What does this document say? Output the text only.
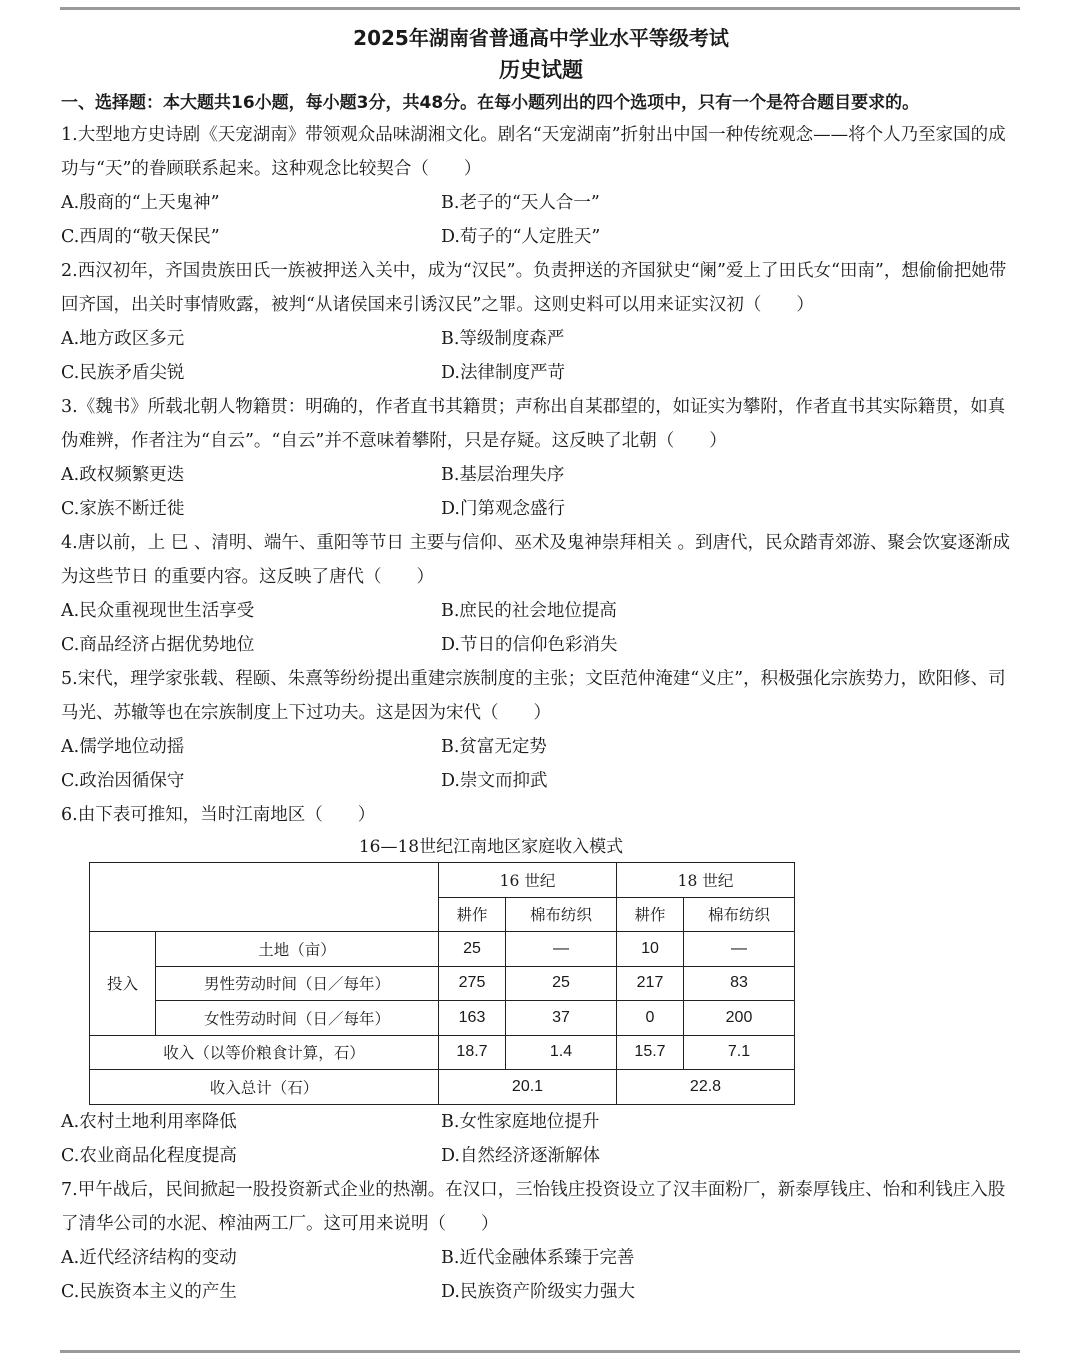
2025年湖南省普通高中学业水平等级考试
历史试题
一、选择题：本大题共16小题，每小题3分，共48分。在每小题列出的四个选项中，只有一个是符合题目要求的。
1.大型地方史诗剧《天宠湖南》带领观众品味湖湘文化。剧名“天宠湖南”折射出中国一种传统观念——将个人乃至家国的成功与“天”的眷顾联系起来。这种观念比较契合（　　）
A.殷商的“上天鬼神”	B.老子的“天人合一”
C.西周的“敬天保民”	D.荀子的“人定胜天”
2.西汉初年，齐国贵族田氏一族被押送入关中，成为“汉民”。负责押送的齐国狱史“阑”爱上了田氏女“田南”，想偷偷把她带回齐国，出关时事情败露，被判“从诸侯国来引诱汉民”之罪。这则史料可以用来证实汉初（　　）
A.地方政区多元	B.等级制度森严
C.民族矛盾尖锐	D.法律制度严苛
3.《魏书》所载北朝人物籍贯：明确的，作者直书其籍贯；声称出自某郡望的，如证实为攀附，作者直书其实际籍贯，如真伪难辨，作者注为“自云”。“自云”并不意味着攀附，只是存疑。这反映了北朝（　　）
A.政权频繁更迭	B.基层治理失序
C.家族不断迁徙	D.门第观念盛行
4.唐以前，上 巳 、清明、端午、重阳等节日 主要与信仰、巫术及鬼神崇拜相关 。到唐代，民众踏青郊游、聚会饮宴逐渐成为这些节日 的重要内容。这反映了唐代（　　）
A.民众重视现世生活享受	B.庶民的社会地位提高
C.商品经济占据优势地位	D.节日的信仰色彩消失
5.宋代，理学家张载、程颐、朱熹等纷纷提出重建宗族制度的主张；文臣范仲淹建“义庄”，积极强化宗族势力，欧阳修、司马光、苏辙等也在宗族制度上下过功夫。这是因为宋代（　　）
A.儒学地位动摇	B.贫富无定势
C.政治因循保守	D.崇文而抑武
6.由下表可推知，当时江南地区（　　）
16—18世纪江南地区家庭收入模式
		16 世纪		18 世纪	
		耕作	棉布纺织	耕作	棉布纺织
投入	土地（亩）	25	—	10	—
	男性劳动时间（日／每年）	275	25	217	83
	女性劳动时间（日／每年）	163	37	0	200
收入（以等价粮食计算，石）		18.7	1.4	15.7	7.1
收入总计（石）		20.1		22.8	
A.农村土地利用率降低	B.女性家庭地位提升
C.农业商品化程度提高	D.自然经济逐渐解体
7.甲午战后，民间掀起一股投资新式企业的热潮。在汉口，三怡钱庄投资设立了汉丰面粉厂，新泰厚钱庄、怡和利钱庄入股了清华公司的水泥、榨油两工厂。这可用来说明（　　）
A.近代经济结构的变动	B.近代金融体系臻于完善
C.民族资本主义的产生	D.民族资产阶级实力强大
